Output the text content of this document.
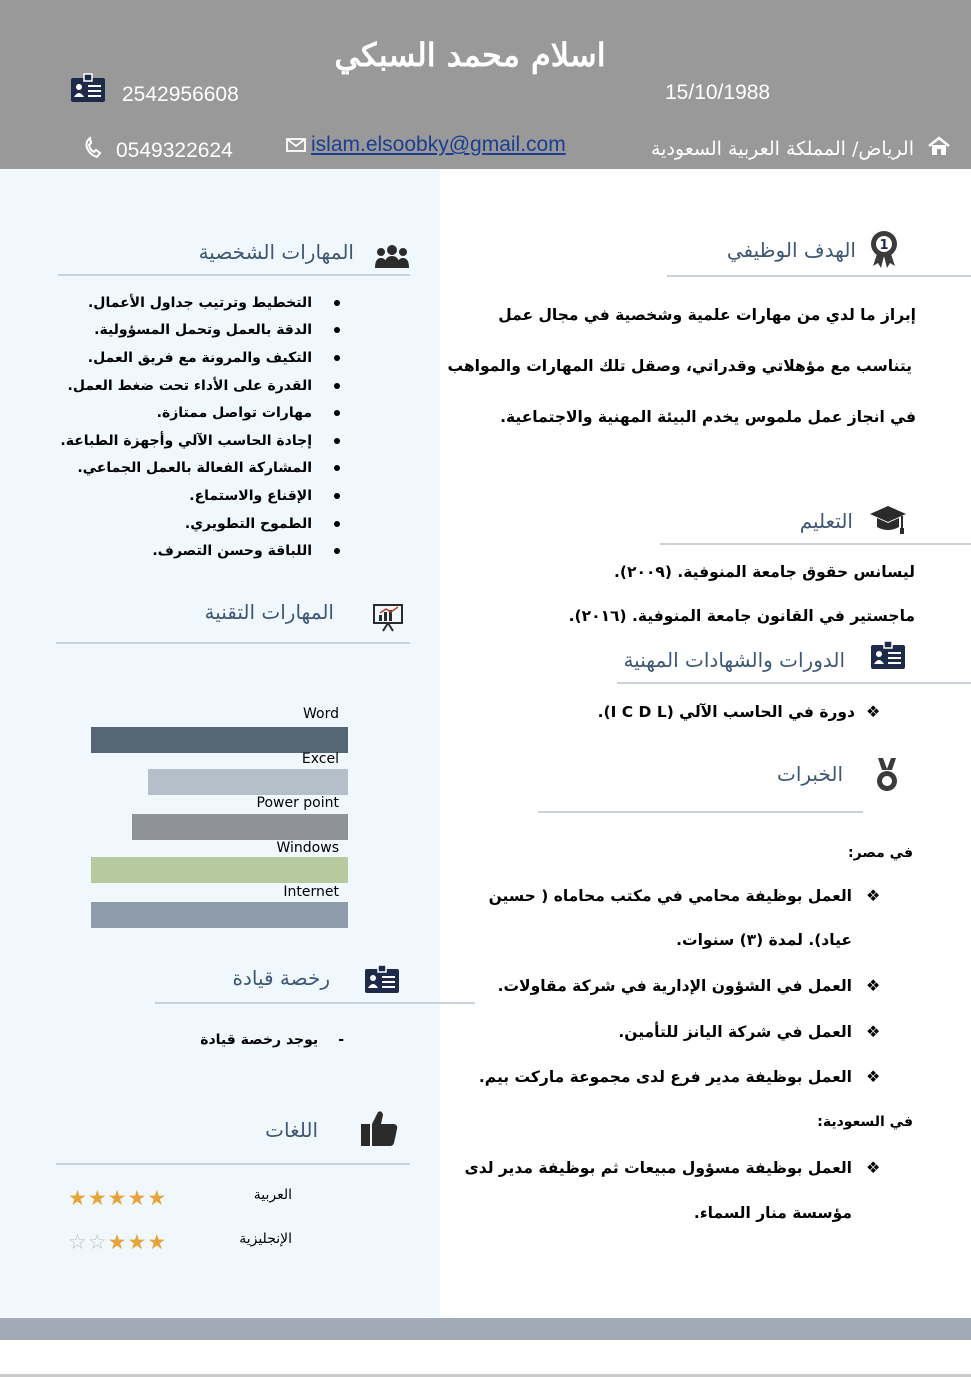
اسلام محمد السبكي
2542956608	15/10/1988
0549322624	islam.elsoobky@gmail.com	الرياض/ المملكة العربية السعودية
1
الهدف الوظيفي
إبراز ما لدي من مهارات علمية وشخصية في مجال عمل
يتناسب مع مؤهلاتي وقدراتي، وصقل تلك المهارات والمواهب
في انجاز عمل ملموس يخدم البيئة المهنية والاجتماعية.
التعليم
ليسانس حقوق جامعة المنوفية. (٢٠٠٩).
ماجستير في القانون جامعة المنوفية. (٢٠١٦).
الدورات والشهادات المهنية
❖
دورة في الحاسب الآلي (I C D L).
الخبرات
في مصر:
❖
العمل بوظيفة محامي في مكتب محاماه ( حسين
عياد). لمدة (٣) سنوات.
❖
العمل في الشؤون الإدارية في شركة مقاولات.
❖
العمل في شركة اليانز للتأمين.
❖
العمل بوظيفة مدير فرع لدى مجموعة ماركت بيم.
في السعودية:
❖
العمل بوظيفة مسؤول مبيعات ثم بوظيفة مدير لدى
مؤسسة منار السماء.
المهارات الشخصية
التخطيط وترتيب جداول الأعمال.
الدقة بالعمل وتحمل المسؤولية.
التكيف والمرونة مع فريق العمل.
القدرة على الأداء تحت ضغط العمل.
مهارات تواصل ممتازة.
إجادة الحاسب الآلي وأجهزة الطباعة.
المشاركة الفعالة بالعمل الجماعي.
الإقناع والاستماع.
الطموح التطويري.
اللباقة وحسن التصرف.
المهارات التقنية
Word
Excel
Power point
Windows
Internet
رخصة قيادة
-يوجد رخصة قيادة
اللغات
العربية
★★★★★
الإنجليزية
☆☆★★★
